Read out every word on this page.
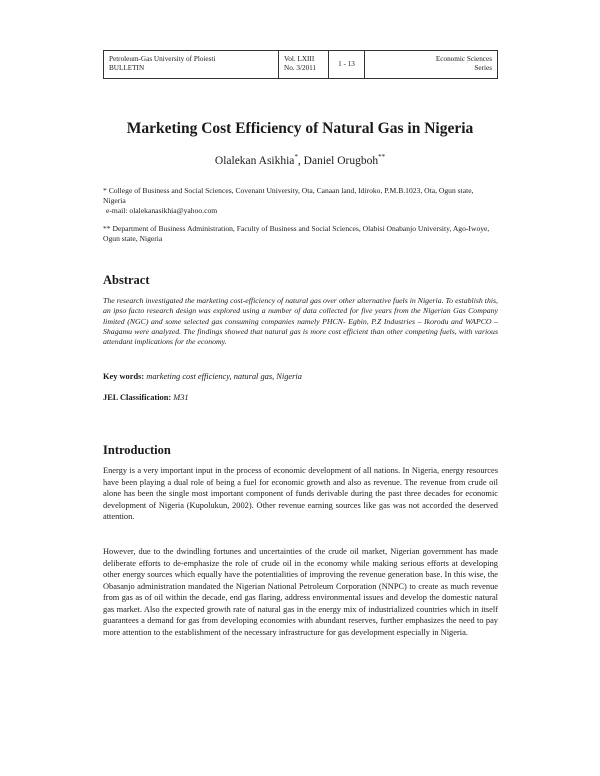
Petroleum-Gas University of Ploiesti
BULLETIN
Vol. LXIII
No. 3/2011	1 - 13
Economic Sciences
Series
Marketing Cost Efficiency of Natural Gas in Nigeria
Olalekan Asikhia*, Daniel Orugboh**
* College of Business and Social Sciences, Covenant University, Ota, Canaan land, Idiroko, P.M.B.1023, Ota, Ogun state, Nigeria
e-mail: olalekanasikhia@yahoo.com
** Department of Business Administration, Faculty of Business and Social Sciences, Olabisi Onabanjo University, Ago-Iwoye, Ogun state, Nigeria
Abstract
The research investigated the marketing cost-efficiency of natural gas over other alternative fuels in Nigeria. To establish this, an ipso facto research design was explored using a number of data collected for five years from the Nigerian Gas Company limited (NGC) and some selected gas consuming companies namely PHCN- Egbin, P.Z Industries – Ikorodu and WAPCO – Shagamu were analyzed. The findings showed that natural gas is more cost efficient than other competing fuels, with various attendant implications for the economy.
Key words: marketing cost efficiency, natural gas, Nigeria
JEL Classification: M31
Introduction

Energy is a very important input in the process of economic development of all nations. In Nigeria, energy resources have been playing a dual role of being a fuel for economic growth and also as revenue. The revenue from crude oil alone has been the single most important component of funds derivable during the past three decades for economic development of Nigeria (Kupolukun, 2002). Other revenue earning sources like gas was not accorded the deserved attention.

However, due to the dwindling fortunes and uncertainties of the crude oil market, Nigerian government has made deliberate efforts to de-emphasize the role of crude oil in the economy while making serious efforts at developing other energy sources which equally have the potentialities of improving the revenue generation base. In this wise, the Obasanjo administration mandated the Nigerian National Petroleum Corporation (NNPC) to create as much revenue from gas as of oil within the decade, end gas flaring, address environmental issues and develop the domestic natural gas market. Also the expected growth rate of natural gas in the energy mix of industrialized countries which in itself guarantees a demand for gas from developing economies with abundant reserves, further emphasizes the need to pay more attention to the establishment of the necessary infrastructure for gas development especially in Nigeria.
